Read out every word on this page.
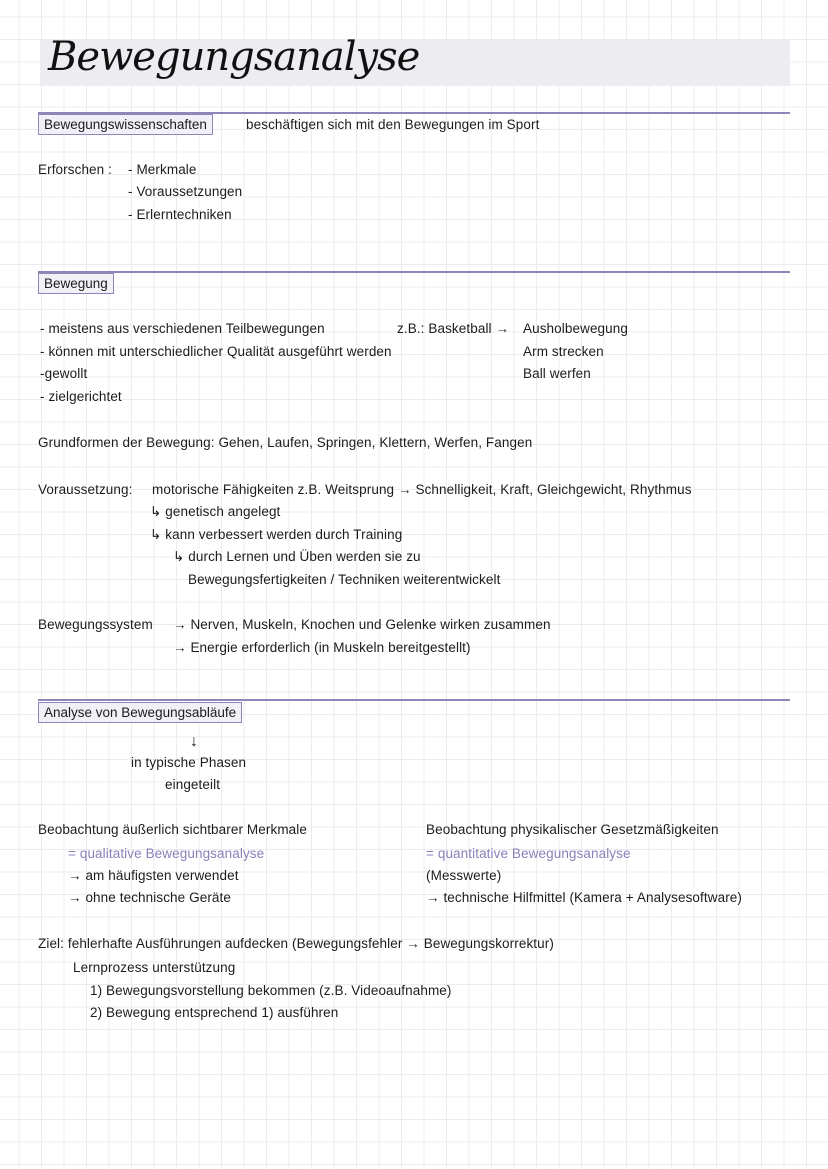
Bewegungsanalyse
Bewegungswissenschaften	beschäftigen sich mit den Bewegungen im Sport
Erforschen : - Merkmale
- Voraussetzungen
- Erlerntechniken
Bewegung
- meistens aus verschiedenen Teilbewegungen
- können mit unterschiedlicher Qualität ausgeführt werden
-gewollt
- zielgerichtet
z.B.: Basketball → Ausholbewegung
Arm strecken
Ball werfen
Grundformen der Bewegung: Gehen, Laufen, Springen, Klettern, Werfen, Fangen
Voraussetzung: motorische Fähigkeiten z.B. Weitsprung → Schnelligkeit, Kraft, Gleichgewicht, Rhythmus
↳ genetisch angelegt
↳ kann verbessert werden durch Training
↳ durch Lernen und Üben werden sie zu
Bewegungsfertigkeiten / Techniken weiterentwickelt
Bewegungssystem → Nerven, Muskeln, Knochen und Gelenke wirken zusammen
→ Energie erforderlich (in Muskeln bereitgestellt)
Analyse von Bewegungsabläufe
↓
in typische Phasen
eingeteilt
Beobachtung äußerlich sichtbarer Merkmale
= qualitative Bewegungsanalyse
→ am häufigsten verwendet
→ ohne technische Geräte
Beobachtung physikalischer Gesetzmäßigkeiten
= quantitative Bewegungsanalyse
(Messwerte)
→ technische Hilfmittel (Kamera + Analysesoftware)
Ziel: fehlerhafte Ausführungen aufdecken (Bewegungsfehler → Bewegungskorrektur)
Lernprozess unterstützung
1) Bewegungsvorstellung bekommen (z.B. Videoaufnahme)
2) Bewegung entsprechend 1) ausführen
